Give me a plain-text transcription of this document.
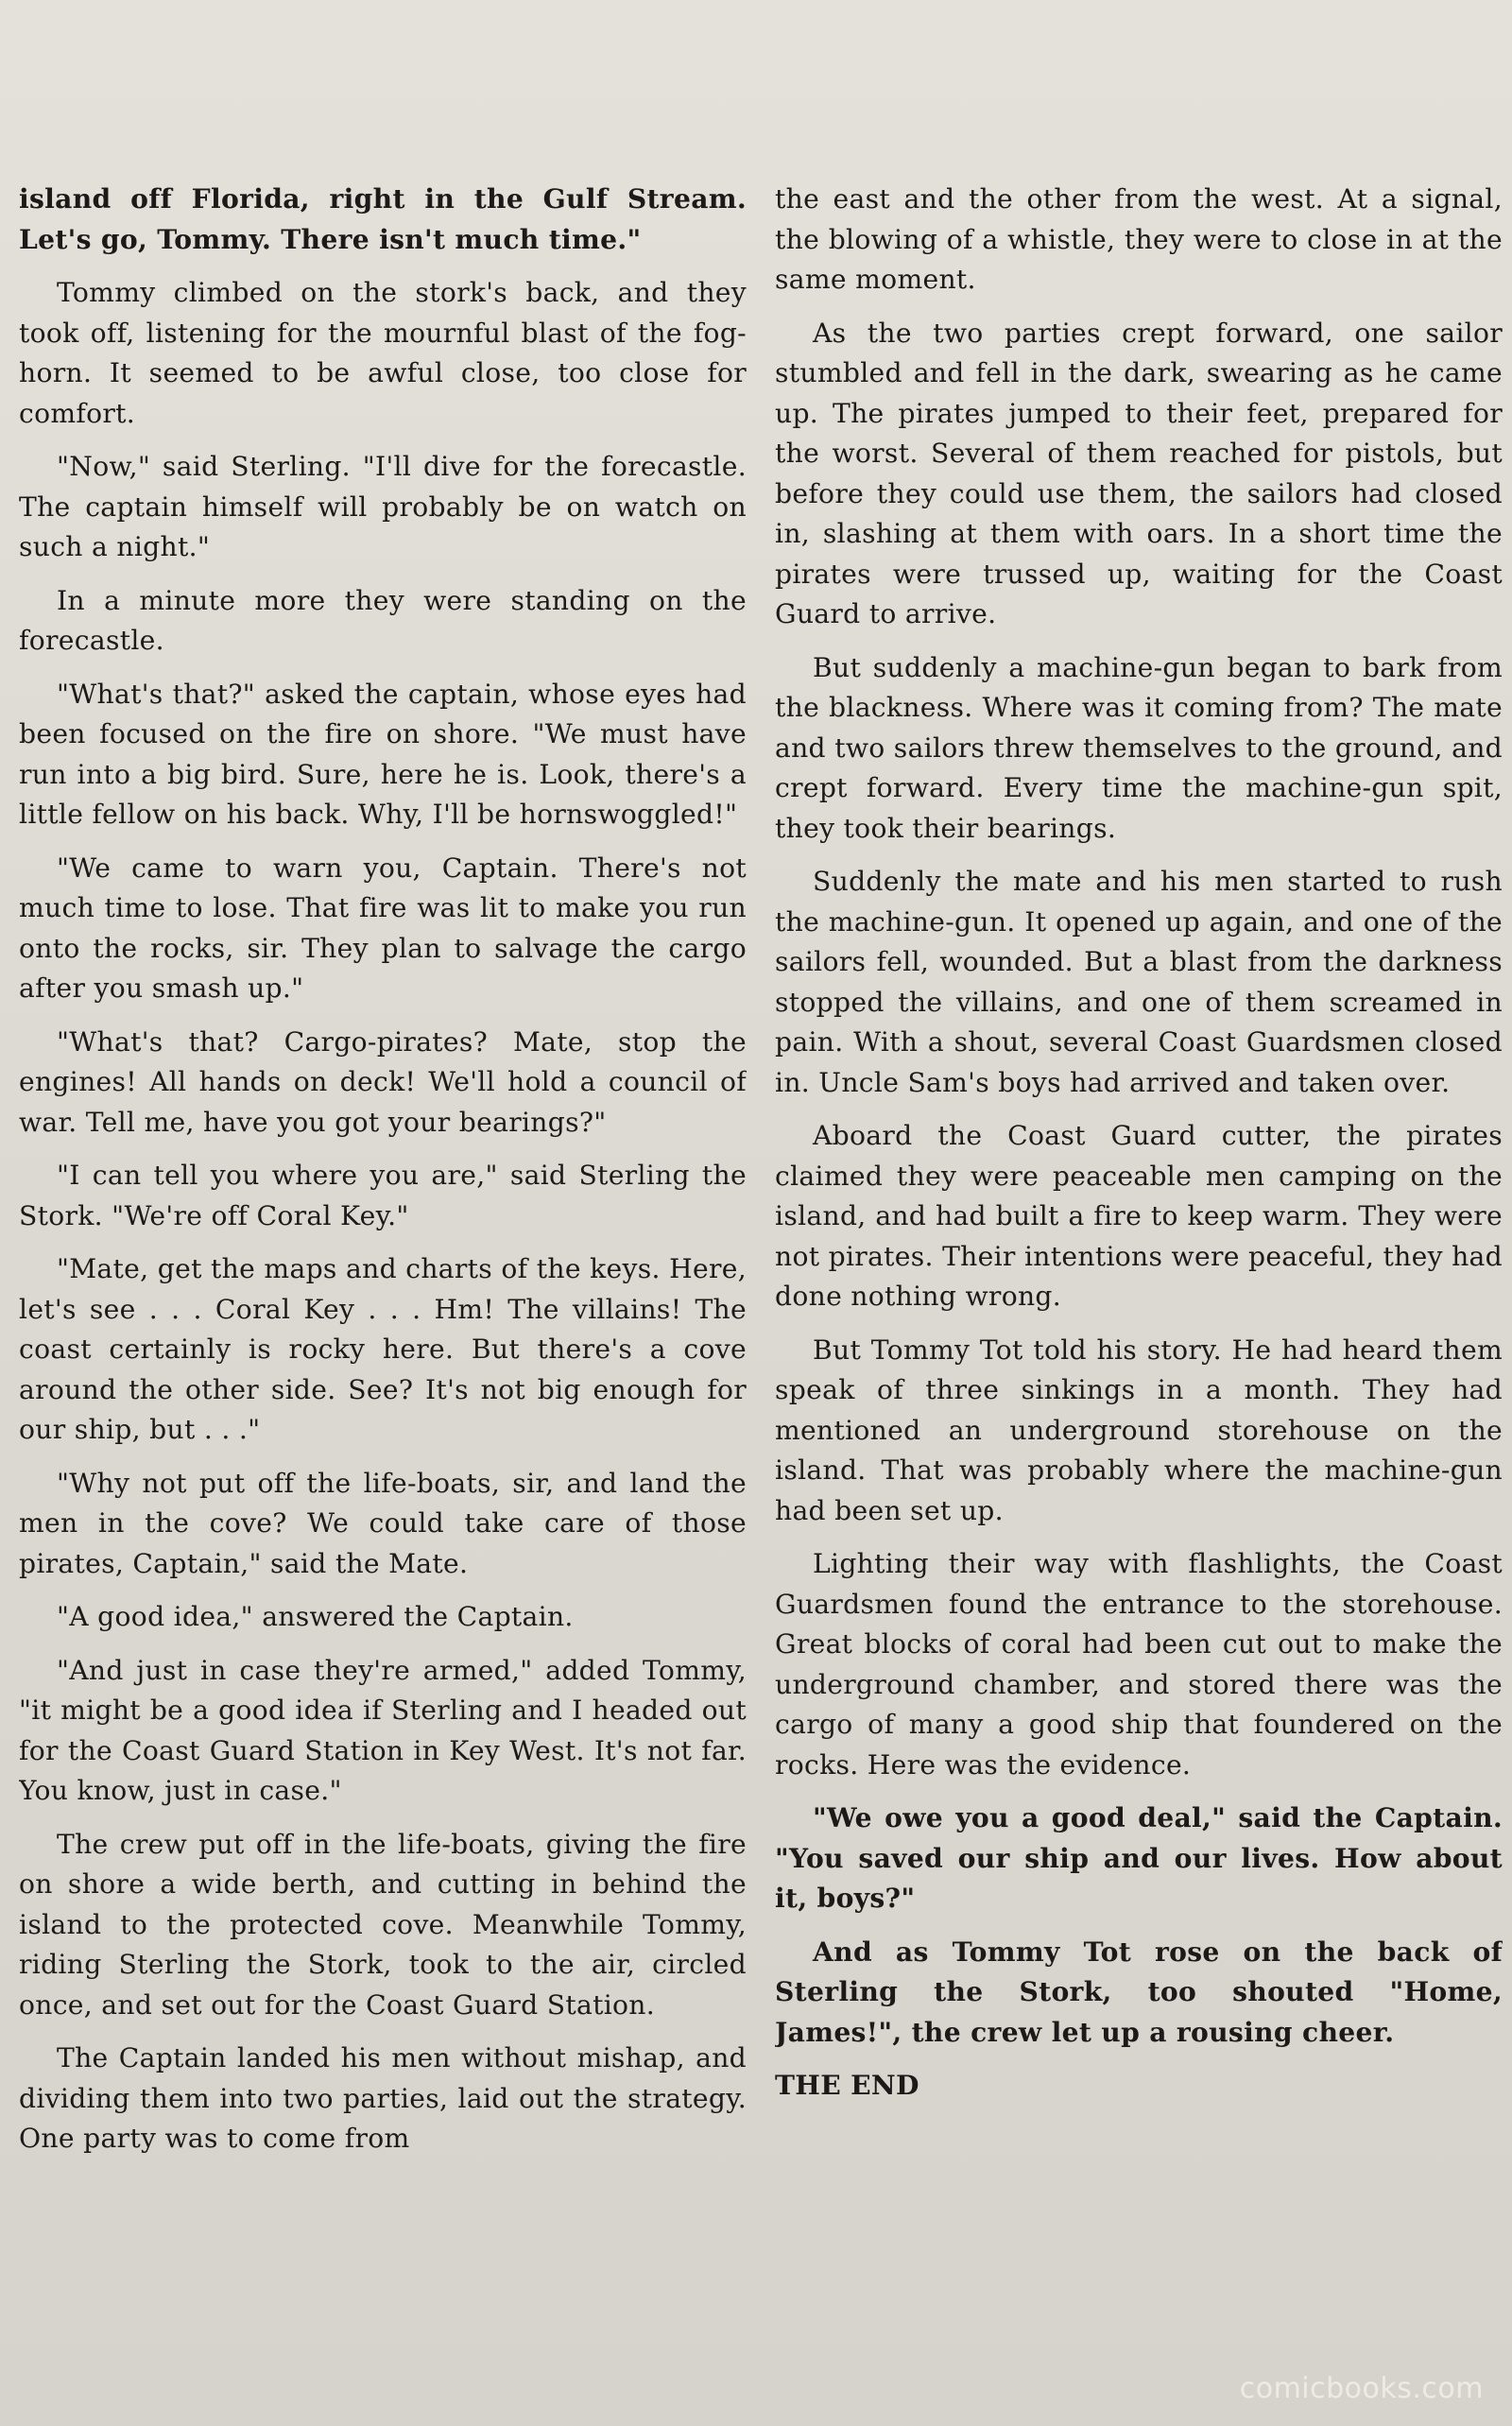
island off Florida, right in the Gulf Stream. Let's go, Tommy. There isn't much time."

Tommy climbed on the stork's back, and they took off, listening for the mournful blast of the fog-horn. It seemed to be awful close, too close for comfort.

"Now," said Sterling. "I'll dive for the forecastle. The captain himself will probably be on watch on such a night."

In a minute more they were standing on the forecastle.

"What's that?" asked the captain, whose eyes had been focused on the fire on shore. "We must have run into a big bird. Sure, here he is. Look, there's a little fellow on his back. Why, I'll be hornswoggled!"

"We came to warn you, Captain. There's not much time to lose. That fire was lit to make you run onto the rocks, sir. They plan to salvage the cargo after you smash up."

"What's that? Cargo-pirates? Mate, stop the engines! All hands on deck! We'll hold a council of war. Tell me, have you got your bearings?"

"I can tell you where you are," said Sterling the Stork. "We're off Coral Key."

"Mate, get the maps and charts of the keys. Here, let's see . . . Coral Key . . . Hm! The villains! The coast certainly is rocky here. But there's a cove around the other side. See? It's not big enough for our ship, but . . ."

"Why not put off the life-boats, sir, and land the men in the cove? We could take care of those pirates, Captain," said the Mate.

"A good idea," answered the Captain.

"And just in case they're armed," added Tommy, "it might be a good idea if Sterling and I headed out for the Coast Guard Station in Key West. It's not far. You know, just in case."

The crew put off in the life-boats, giving the fire on shore a wide berth, and cutting in behind the island to the protected cove. Meanwhile Tommy, riding Sterling the Stork, took to the air, circled once, and set out for the Coast Guard Station.

The Captain landed his men without mishap, and dividing them into two parties, laid out the strategy. One party was to come from

the east and the other from the west. At a signal, the blowing of a whistle, they were to close in at the same moment.

As the two parties crept forward, one sailor stumbled and fell in the dark, swearing as he came up. The pirates jumped to their feet, prepared for the worst. Several of them reached for pistols, but before they could use them, the sailors had closed in, slashing at them with oars. In a short time the pirates were trussed up, waiting for the Coast Guard to arrive.

But suddenly a machine-gun began to bark from the blackness. Where was it coming from? The mate and two sailors threw themselves to the ground, and crept forward. Every time the machine-gun spit, they took their bearings.

Suddenly the mate and his men started to rush the machine-gun. It opened up again, and one of the sailors fell, wounded. But a blast from the darkness stopped the villains, and one of them screamed in pain. With a shout, several Coast Guardsmen closed in. Uncle Sam's boys had arrived and taken over.

Aboard the Coast Guard cutter, the pirates claimed they were peaceable men camping on the island, and had built a fire to keep warm. They were not pirates. Their intentions were peaceful, they had done nothing wrong.

But Tommy Tot told his story. He had heard them speak of three sinkings in a month. They had mentioned an underground storehouse on the island. That was probably where the machine-gun had been set up.

Lighting their way with flashlights, the Coast Guardsmen found the entrance to the storehouse. Great blocks of coral had been cut out to make the underground chamber, and stored there was the cargo of many a good ship that foundered on the rocks. Here was the evidence.

"We owe you a good deal," said the Captain. "You saved our ship and our lives. How about it, boys?"

And as Tommy Tot rose on the back of Sterling the Stork, too shouted "Home, James!", the crew let up a rousing cheer.

THE END

comicbooks.com
